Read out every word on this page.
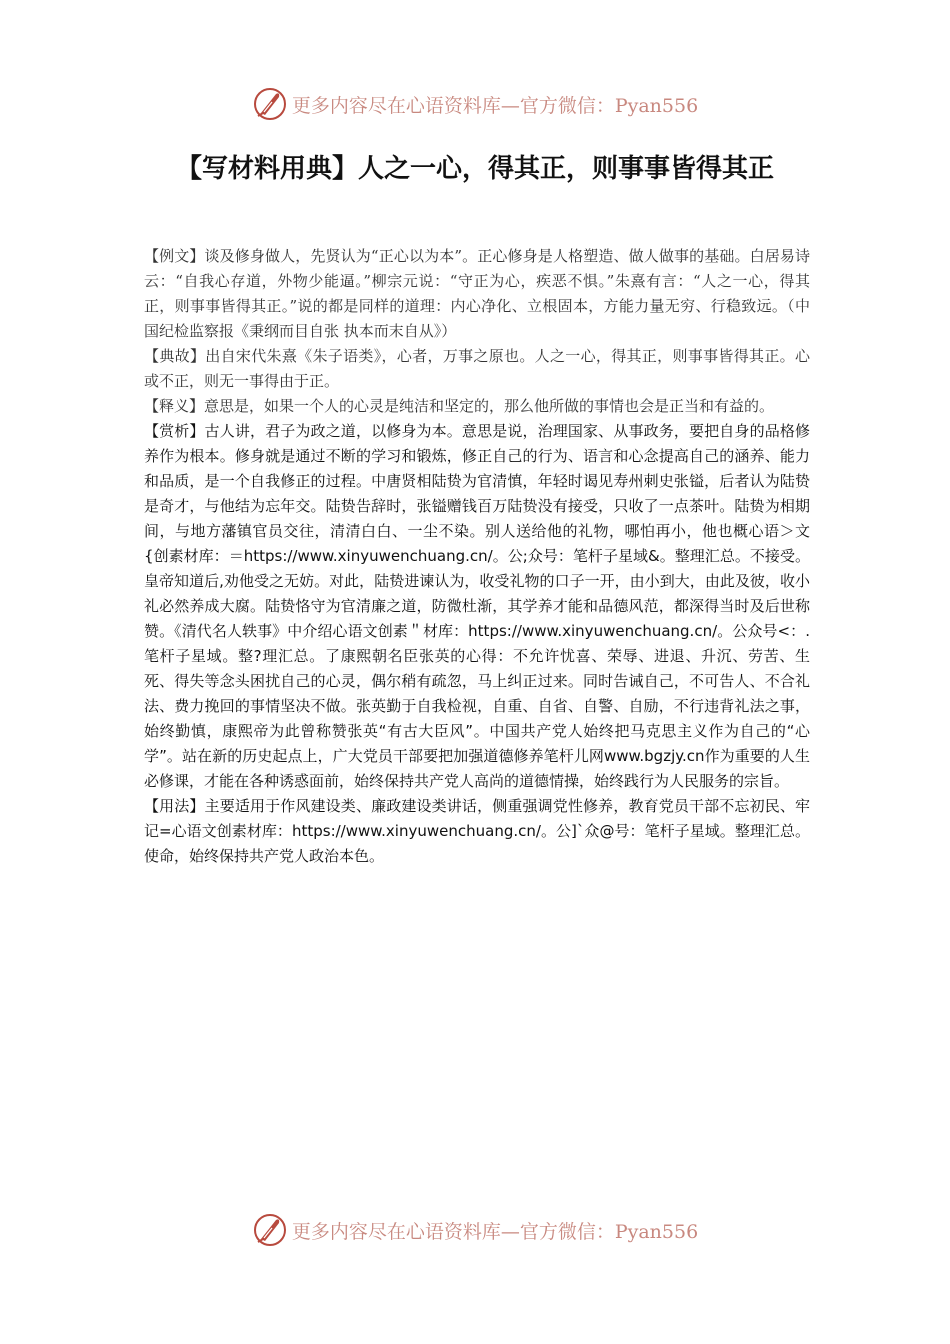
更多内容尽在心语资料库—官方微信：Pyan556
【写材料用典】人之一心，得其正，则事事皆得其正

【例文】谈及修身做人，先贤认为“正心以为本”。正心修身是人格塑造、做人做事的基础。白居易诗云：“自我心存道，外物少能逼。”柳宗元说：“守正为心，疾恶不惧。”朱熹有言：“人之一心，得其正，则事事皆得其正。”说的都是同样的道理：内心净化、立根固本，方能力量无穷、行稳致远。（中国纪检监察报《秉纲而目自张 执本而末自从》）

【典故】出自宋代朱熹《朱子语类》，心者，万事之原也。人之一心，得其正，则事事皆得其正。心或不正，则无一事得由于正。

【释义】意思是，如果一个人的心灵是纯洁和坚定的，那么他所做的事情也会是正当和有益的。

【赏析】古人讲，君子为政之道，以修身为本。意思是说，治理国家、从事政务，要把自身的品格修养作为根本。修身就是通过不断的学习和锻炼，修正自己的行为、语言和心念提高自己的涵养、能力和品质，是一个自我修正的过程。中唐贤相陆贽为官清慎，年轻时谒见寿州刺史张镒，后者认为陆贽是奇才，与他结为忘年交。陆贽告辞时，张镒赠钱百万陆贽没有接受，只收了一点茶叶。陆贽为相期间，与地方藩镇官员交往，清清白白、一尘不染。别人送给他的礼物，哪怕再小，他也概心语＞文{创素材库：＝https://www.xinyuwenchuang.cn/。公;众号：笔杆子星域&。整理汇总。不接受。皇帝知道后,劝他受之无妨。对此，陆贽进谏认为，收受礼物的口子一开，由小到大，由此及彼，收小礼必然养成大腐。陆贽恪守为官清廉之道，防微杜渐，其学养才能和品德风范，都深得当时及后世称赞。《清代名人轶事》中介绍心语文创素＂材库：https://www.xinyuwenchuang.cn/。公众号<：.笔杆子星域。整?理汇总。了康熙朝名臣张英的心得：不允许忧喜、荣辱、进退、升沉、劳苦、生死、得失等念头困扰自己的心灵，偶尔稍有疏忽，马上纠正过来。同时告诫自己，不可告人、不合礼法、费力挽回的事情坚决不做。张英勤于自我检视，自重、自省、自警、自励，不行违背礼法之事，始终勤慎，康熙帝为此曾称赞张英“有古大臣风”。中国共产党人始终把马克思主义作为自己的“心学”。站在新的历史起点上，广大党员干部要把加强道德修养笔杆儿网www.bgzjy.cn作为重要的人生必修课，才能在各种诱惑面前，始终保持共产党人高尚的道德情操，始终践行为人民服务的宗旨。

【用法】主要适用于作风建设类、廉政建设类讲话，侧重强调党性修养，教育党员干部不忘初民、牢记=心语文创素材库：https://www.xinyuwenchuang.cn/。公]`众@号：笔杆子星域。整理汇总。使命，始终保持共产党人政治本色。

更多内容尽在心语资料库—官方微信：Pyan556
